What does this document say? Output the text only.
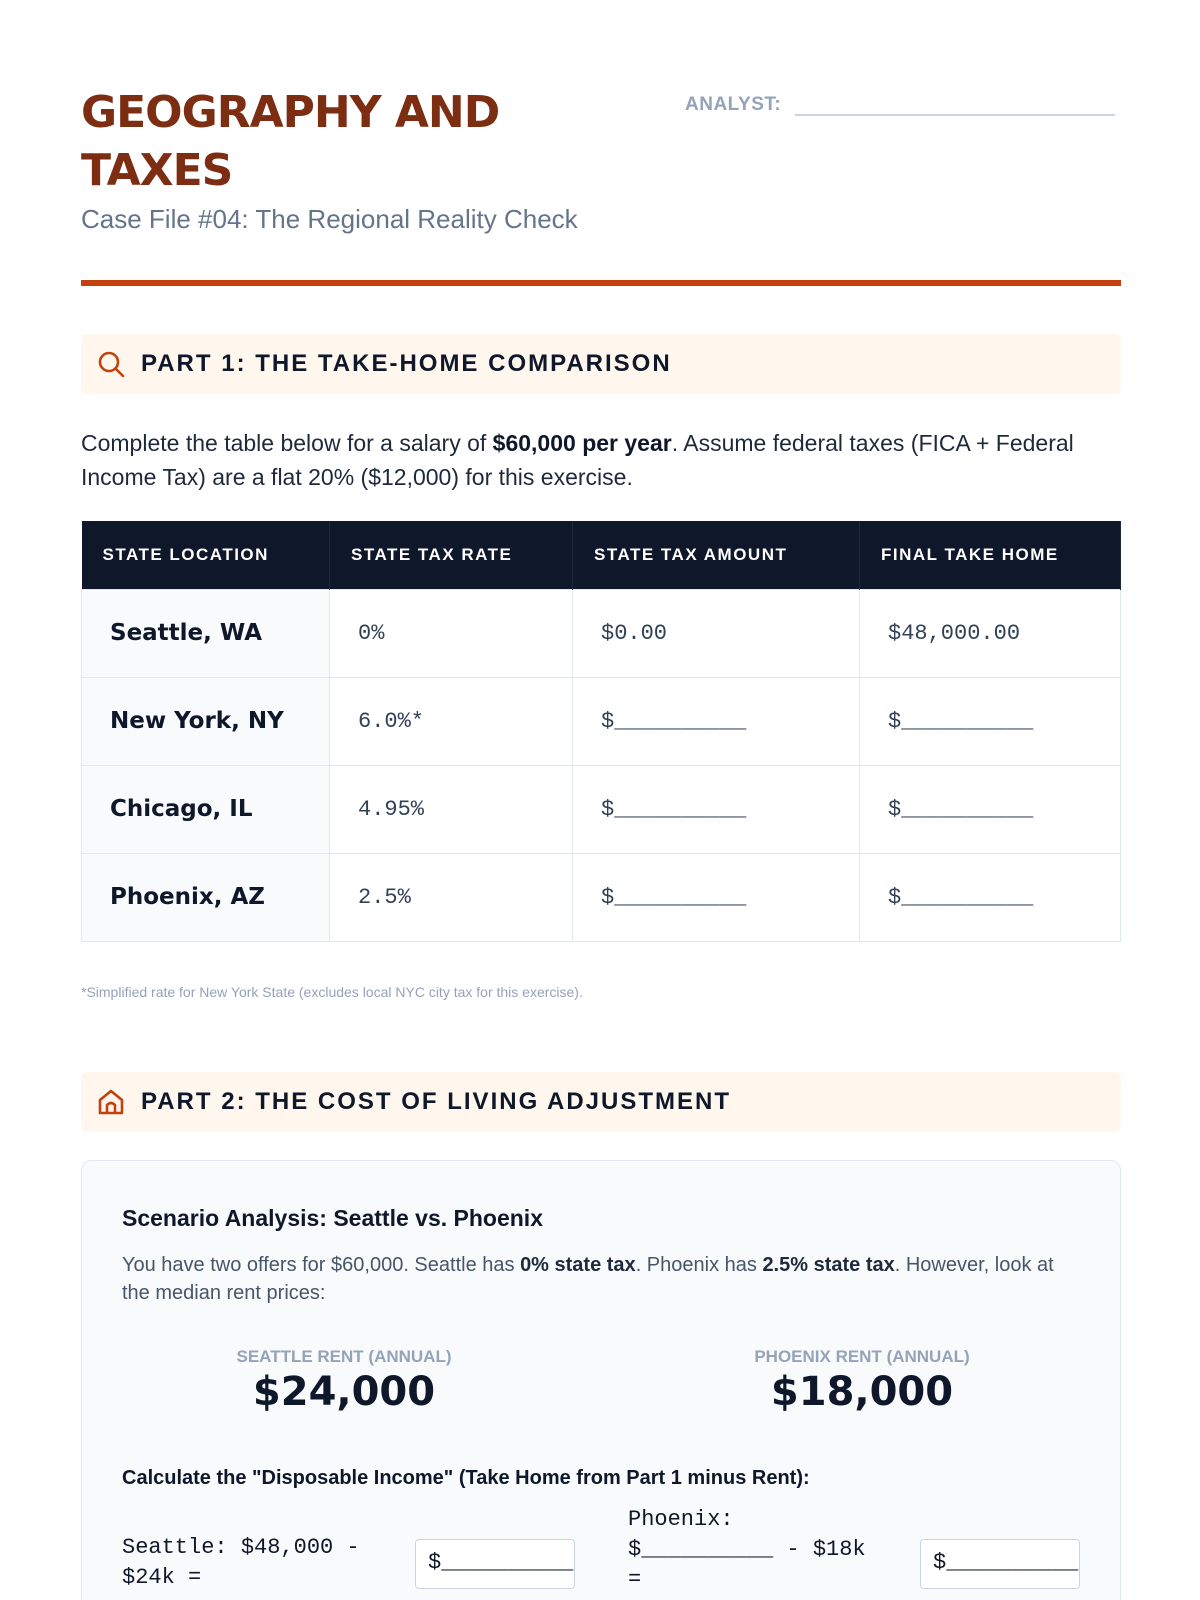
GEOGRAPHY AND TAXES
Case File #04: The Regional Reality Check
ANALYST:
PART 1: THE TAKE-HOME COMPARISON
Complete the table below for a salary of $60,000 per year. Assume federal taxes (FICA + Federal Income Tax) are a flat 20% ($12,000) for this exercise.
STATE LOCATION	STATE TAX RATE	STATE TAX AMOUNT	FINAL TAKE HOME
Seattle, WA	0%	$0.00	$48,000.00
New York, NY	6.0%*	$__________	$__________
Chicago, IL	4.95%	$__________	$__________
Phoenix, AZ	2.5%	$__________	$__________
*Simplified rate for New York State (excludes local NYC city tax for this exercise).
PART 2: THE COST OF LIVING ADJUSTMENT
Scenario Analysis: Seattle vs. Phoenix
You have two offers for $60,000. Seattle has 0% state tax. Phoenix has 2.5% state tax. However, look at the median rent prices:
SEATTLE RENT (ANNUAL)
$24,000
PHOENIX RENT (ANNUAL)
$18,000
Calculate the "Disposable Income" (Take Home from Part 1 minus Rent):
Seattle: $48,000 -
$24k =
$__________
Phoenix:
$__________ - $18k
=
$__________
